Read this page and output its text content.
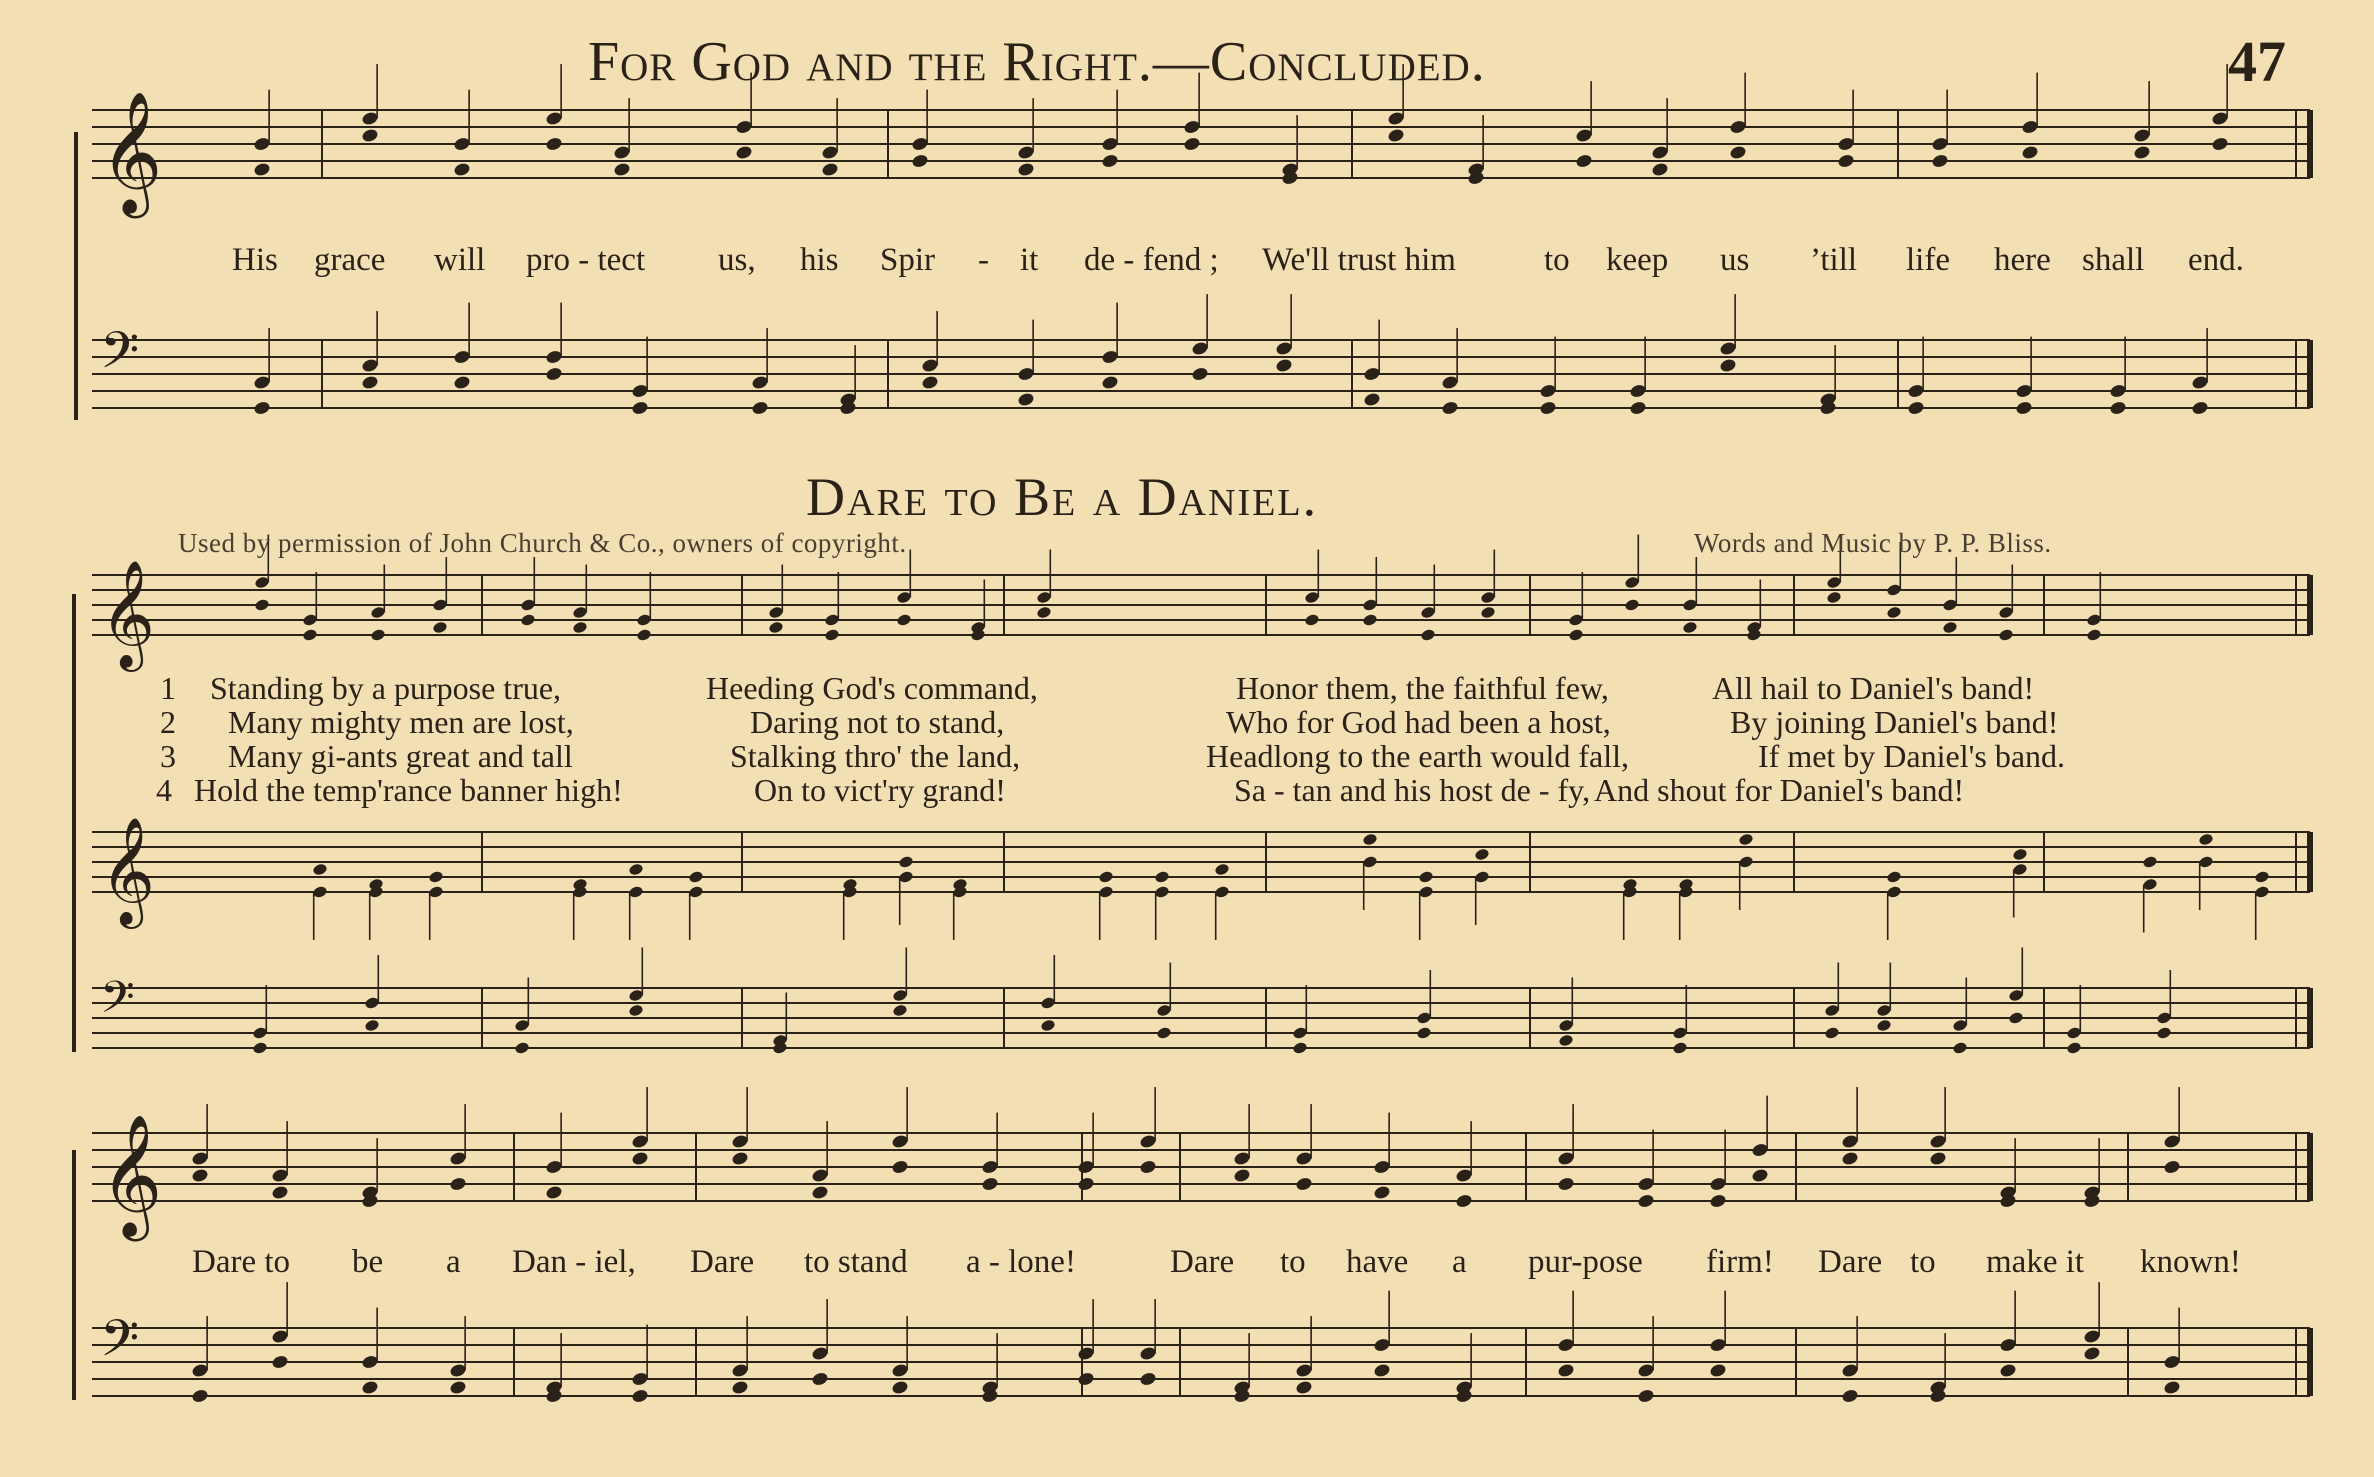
For God and the Right.—Concluded.	47
𝄞
𝄢
𝄞
𝄞
𝄢
𝄞
𝄢
His grace will pro - tect us, his Spir - it de - fend ; We'll trust him	to keep us ’till life here shall end.
Dare to Be a Daniel.
Used by permission of John Church & Co., owners of copyright.	Words and Music by P. P. Bliss.
1 Standing by a purpose true,	Heeding God's command,	Honor them, the faithful few,	All hail to Daniel's band!
2 Many mighty men are lost,	Daring not to stand,	Who for God had been a host,	By joining Daniel's band!
3 Many gi-ants great and tall	Stalking thro' the land,	Headlong to the earth would fall,	If met by Daniel's band.
4 Hold the temp'rance banner high!	On to vict'ry grand!	Sa - tan and his host de - fy, And shout for Daniel's band!
Dare to be a Dan - iel, Dare to stand a - lone!	Dare to have a pur-pose firm! Dare to make it known!
